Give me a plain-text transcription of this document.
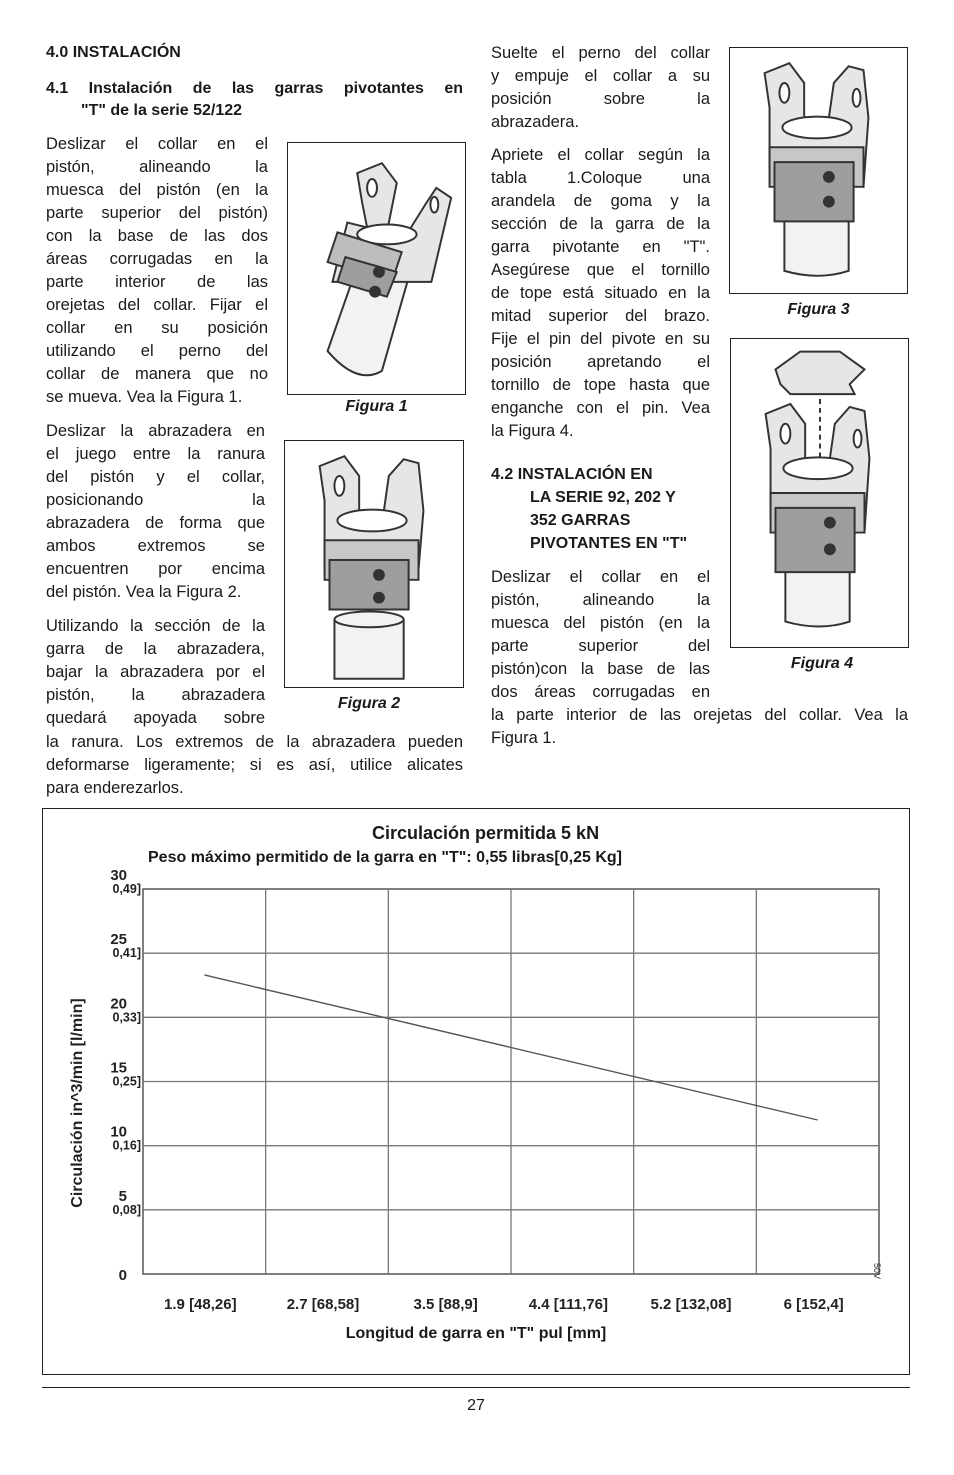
4.0 INSTALACIÓN
4.1 Instalación de las garras pivotantes en
"T" de la serie 52/122
Deslizar el collar en el
pistón, alineando la
muesca del pistón (en la
parte superior del pistón)
con la base de las dos
áreas corrugadas en la
parte interior de las
orejetas del collar. Fijar el
collar en su posición
utilizando el perno del
collar de manera que no
se mueva. Vea la Figura 1.
Deslizar la abrazadera en
el juego entre la ranura
del pistón y el collar,
posicionando la
abrazadera de forma que
ambos extremos se
encuentren por encima
del pistón. Vea la Figura 2.
Utilizando la sección de la
garra de la abrazadera,
bajar la abrazadera por el
pistón, la abrazadera
quedará apoyada sobre
la ranura. Los extremos de la abrazadera pueden
deformarse ligeramente; si es así, utilice alicates
para enderezarlos.
Suelte el perno del collar
y empuje el collar a su
posición sobre la
abrazadera.
Apriete el collar según la
tabla 1.Coloque una
arandela de goma y la
sección de la garra de la
garra pivotante en "T".
Asegúrese que el tornillo
de tope está situado en la
mitad superior del brazo.
Fije el pin del pivote en su
posición apretando el
tornillo de tope hasta que
enganche con el pin. Vea
la Figura 4.
4.2 INSTALACIÓN EN
LA SERIE 92, 202 Y
352 GARRAS
PIVOTANTES EN "T"
Deslizar el collar en el
pistón, alineando la
muesca del pistón (en la
parte superior del
pistón)con la base de las
dos áreas corrugadas en
la parte interior de las orejetas del collar. Vea la
Figura 1.
Figura 1
Figura 2
Figura 3
Figura 4
Circulación permitida 5 kN
Peso máximo permitido de la garra en "T": 0,55 libras[0,25 Kg]
0
5
0,08]
10
0,16]
15
0,25]
20
0,33]
25
0,41]
30
0,49]
1.9 [48,26]	2.7 [68,58]	3.5 [88,9]	4.4 [111,76]	5.2 [132,08]	6 [152,4]
Circulación in^3/min [l/min]
50V
Longitud de garra en "T" pul [mm]
27
